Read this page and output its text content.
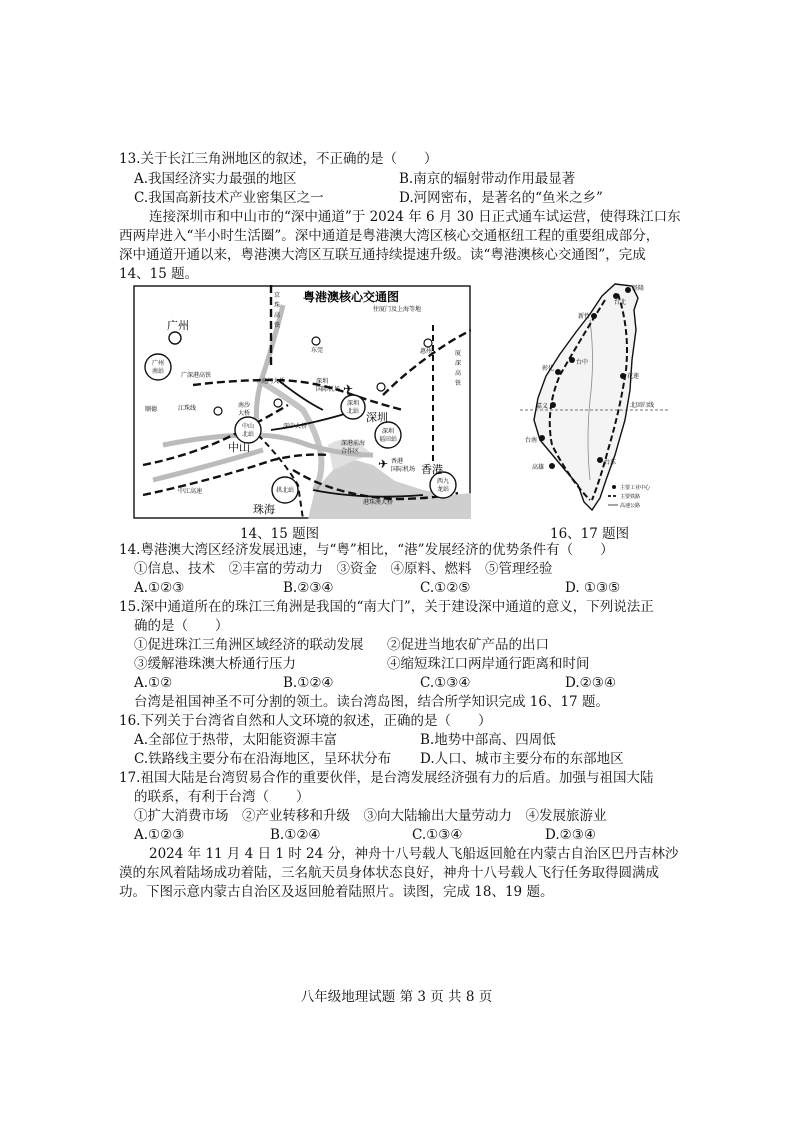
13.关于长江三角洲地区的叙述，不正确的是（　　）
A.我国经济实力最强的地区	B.南京的辐射带动作用最显著
C.我国高新技术产业密集区之一	D.河网密布，是著名的“鱼米之乡”
连接深圳市和中山市的“深中通道”于 2024 年 6 月 30 日正式通车试运营，使得珠江口东
西两岸进入“半小时生活圈”。深中通道是粤港澳大湾区核心交通枢纽工程的重要组成部分，
深中通道开通以来，粤港澳大湾区互联互通持续提速升级。读“粤港澳核心交通图”，完成
14、15 题。
✈
✈
粤港澳核心交通图
广州
广州
南站
京
珠
高
铁
往厦门及上海等地
东莞	惠州	厦
深
高
铁
广深港高铁
虎门大桥
南沙
大桥
深圳
国际机场
顺德	江珠线
中山
北站
深中大桥
深圳
北站 深圳
深圳
福田站
中山	深港前海
合作区
香港
国际机场 香港
中江高速
珠海
拱北站
港珠澳大桥
西九
龙站
基隆
台北
新竹
台中
彰化
花莲
嘉义
台南
高雄
台东
北回归线
主要工业中心
主要铁路
高速公路
14、15 题图	16、17 题图
14.粤港澳大湾区经济发展迅速，与“粤”相比，“港”发展经济的优势条件有（　　）
①信息、技术　②丰富的劳动力　③资金　④原料、燃料　⑤管理经验
A.①②③	B.②③④	C.①②⑤	D. ①③⑤
15.深中通道所在的珠江三角洲是我国的“南大门”，关于建设深中通道的意义，下列说法正
确的是（　　）
①促进珠江三角洲区域经济的联动发展 ②促进当地农矿产品的出口
③缓解港珠澳大桥通行压力	④缩短珠江口两岸通行距离和时间
A.①②	B.①②④	C.①③④	D.②③④
台湾是祖国神圣不可分割的领土。读台湾岛图，结合所学知识完成 16、17 题。
16.下列关于台湾省自然和人文环境的叙述，正确的是（　　）
A.全部位于热带，太阳能资源丰富	B.地势中部高、四周低
C.铁路线主要分布在沿海地区，呈环状分布 D.人口、城市主要分布的东部地区
17.祖国大陆是台湾贸易合作的重要伙伴，是台湾发展经济强有力的后盾。加强与祖国大陆
的联系，有利于台湾（　　）
①扩大消费市场　②产业转移和升级　③向大陆输出大量劳动力　④发展旅游业
A.①②③	B.①②④	C.①③④	D.②③④
2024 年 11 月 4 日 1 时 24 分，神舟十八号载人飞船返回舱在内蒙古自治区巴丹吉林沙
漠的东风着陆场成功着陆，三名航天员身体状态良好，神舟十八号载人飞行任务取得圆满成
功。下图示意内蒙古自治区及返回舱着陆照片。读图，完成 18、19 题。
八年级地理试题 第 3 页 共 8 页
